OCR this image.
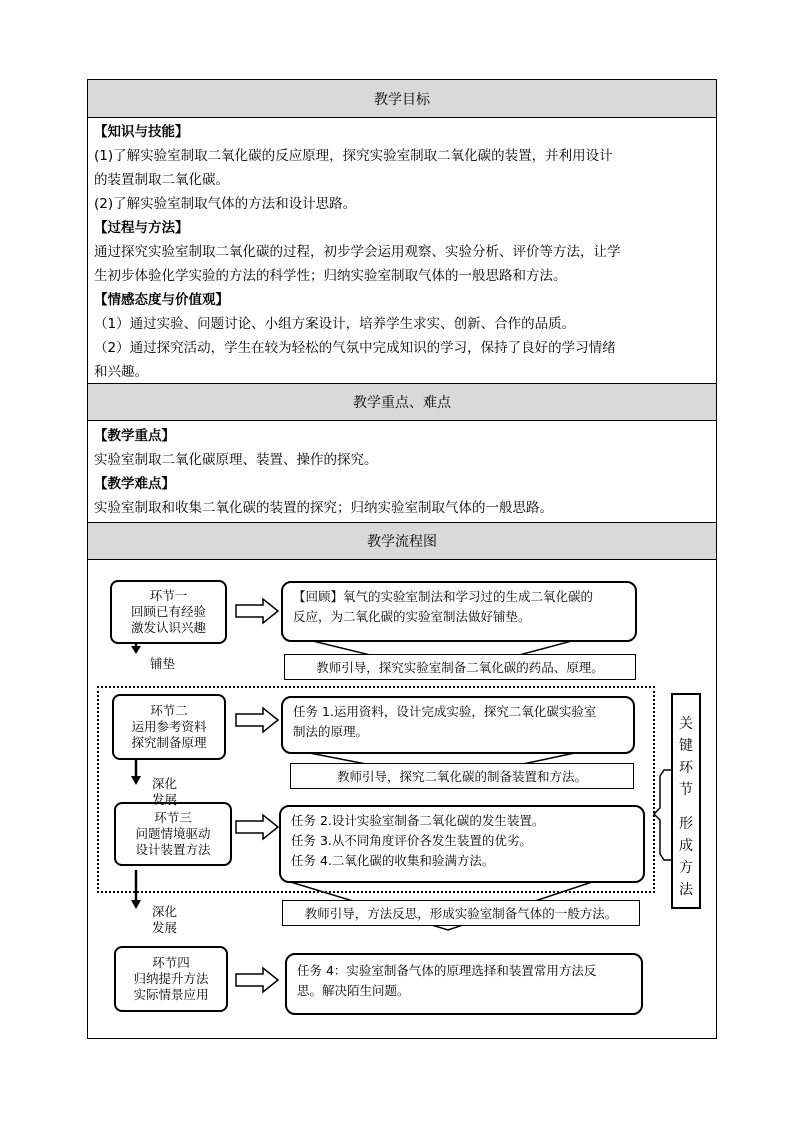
教学目标

【知识与技能】

(1)了解实验室制取二氧化碳的反应原理，探究实验室制取二氧化碳的装置，并利用设计

的装置制取二氧化碳。

(2)了解实验室制取气体的方法和设计思路。

【过程与方法】

通过探究实验室制取二氧化碳的过程，初步学会运用观察、实验分析、评价等方法，让学

生初步体验化学实验的方法的科学性；归纳实验室制取气体的一般思路和方法。

【情感态度与价值观】

（1）通过实验、问题讨论、小组方案设计，培养学生求实、创新、合作的品质。

（2）通过探究活动，学生在较为轻松的气氛中完成知识的学习，保持了良好的学习情绪

和兴趣。

教学重点、难点

【教学重点】

实验室制取二氧化碳原理、装置、操作的探究。

【教学难点】

实验室制取和收集二氧化碳的装置的探究；归纳实验室制取气体的一般思路。

教学流程图
环节一
回顾已有经验
激发认识兴趣
环节二
运用参考资料
探究制备原理
环节三
问题情境驱动
设计装置方法
环节四
归纳提升方法
实际情景应用
【回顾】氧气的实验室制法和学习过的生成二氧化碳的
反应，为二氧化碳的实验室制法做好铺垫。
教师引导，探究实验室制备二氧化碳的药品、原理。
任务 1.运用资料，设计完成实验，探究二氧化碳实验室
制法的原理。
教师引导，探究二氧化碳的制备装置和方法。
任务 2.设计实验室制备二氧化碳的发生装置。
任务 3.从不同角度评价各发生装置的优劣。
任务 4.二氧化碳的收集和验满方法。
教师引导，方法反思，形成实验室制备气体的一般方法。
任务 4：实验室制备气体的原理选择和装置常用方法反
思。解决陌生问题。
铺垫
深化
发展
深化
发展
关
键
环
节
形
成
方
法
